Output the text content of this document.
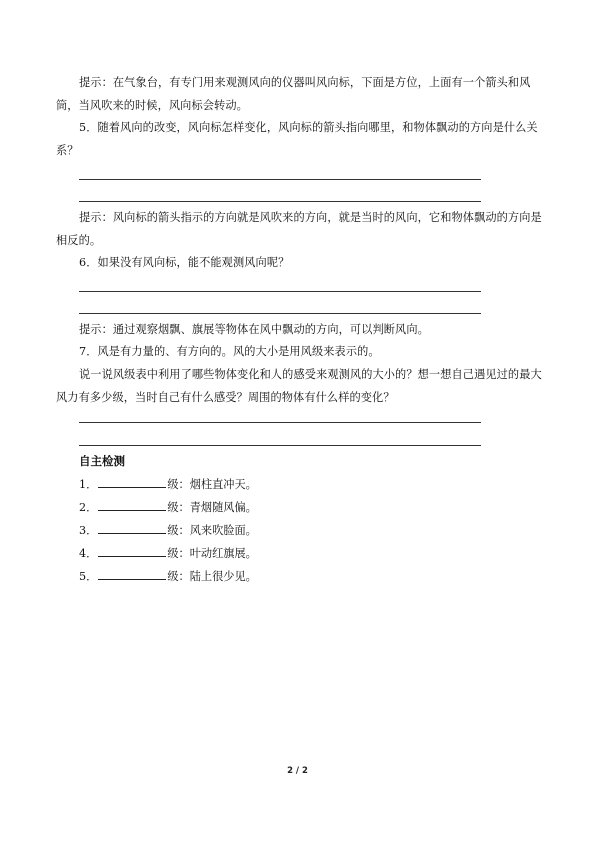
提示：在气象台，有专门用来观测风向的仪器叫风向标，下面是方位，上面有一个箭头和风筒，当风吹来的时候，风向标会转动。

5．随着风向的改变，风向标怎样变化，风向标的箭头指向哪里，和物体飘动的方向是什么关系？

提示：风向标的箭头指示的方向就是风吹来的方向，就是当时的风向，它和物体飘动的方向是相反的。

6．如果没有风向标，能不能观测风向呢？

提示：通过观察烟飘、旗展等物体在风中飘动的方向，可以判断风向。

7．风是有力量的、有方向的。风的大小是用风级来表示的。

说一说风级表中利用了哪些物体变化和人的感受来观测风的大小的？想一想自己遇见过的最大风力有多少级，当时自己有什么感受？周围的物体有什么样的变化？

自主检测

1．	级：烟柱直冲天。

2．	级：青烟随风偏。

3．	级：风来吹脸面。

4．	级：叶动红旗展。

5．	级：陆上很少见。

2 / 2
